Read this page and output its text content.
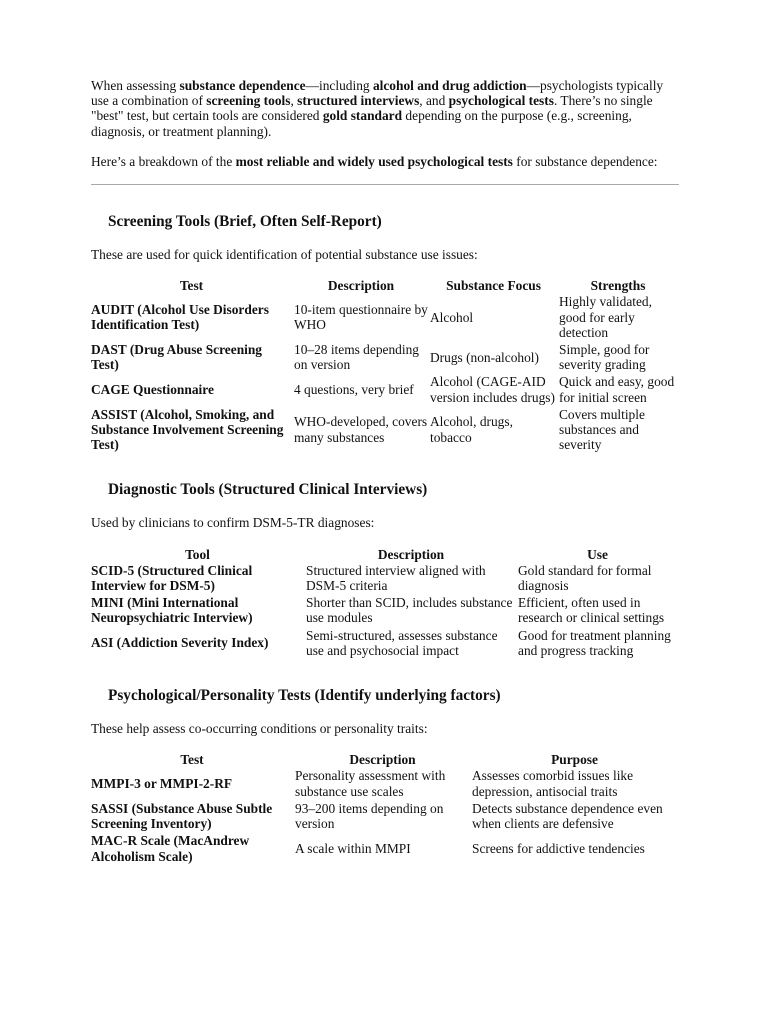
When assessing substance dependence—including alcohol and drug addiction—psychologists typically use a combination of screening tools, structured interviews, and psychological tests. There’s no single "best" test, but certain tools are considered gold standard depending on the purpose (e.g., screening, diagnosis, or treatment planning).

Here’s a breakdown of the most reliable and widely used psychological tests for substance dependence:

Screening Tools (Brief, Often Self-Report)

These are used for quick identification of potential substance use issues:

Test	Description	Substance Focus	Strengths
AUDIT (Alcohol Use Disorders Identification Test)	10-item questionnaire by WHO	Alcohol	Highly validated, good for early detection
DAST (Drug Abuse Screening Test)	10–28 items depending on version	Drugs (non-alcohol)	Simple, good for severity grading
CAGE Questionnaire	4 questions, very brief	Alcohol (CAGE-AID version includes drugs)	Quick and easy, good for initial screen
ASSIST (Alcohol, Smoking, and Substance Involvement Screening Test)	WHO-developed, covers many substances	Alcohol, drugs, tobacco	Covers multiple substances and severity
Diagnostic Tools (Structured Clinical Interviews)

Used by clinicians to confirm DSM-5-TR diagnoses:

Tool	Description	Use
SCID-5 (Structured Clinical Interview for DSM-5)	Structured interview aligned with DSM-5 criteria	Gold standard for formal diagnosis
MINI (Mini International Neuropsychiatric Interview)	Shorter than SCID, includes substance use modules	Efficient, often used in research or clinical settings
ASI (Addiction Severity Index)	Semi-structured, assesses substance use and psychosocial impact	Good for treatment planning and progress tracking
Psychological/Personality Tests (Identify underlying factors)

These help assess co-occurring conditions or personality traits:

Test	Description	Purpose
MMPI-3 or MMPI-2-RF	Personality assessment with substance use scales	Assesses comorbid issues like depression, antisocial traits
SASSI (Substance Abuse Subtle Screening Inventory)	93–200 items depending on version	Detects substance dependence even when clients are defensive
MAC-R Scale (MacAndrew Alcoholism Scale)	A scale within MMPI	Screens for addictive tendencies
